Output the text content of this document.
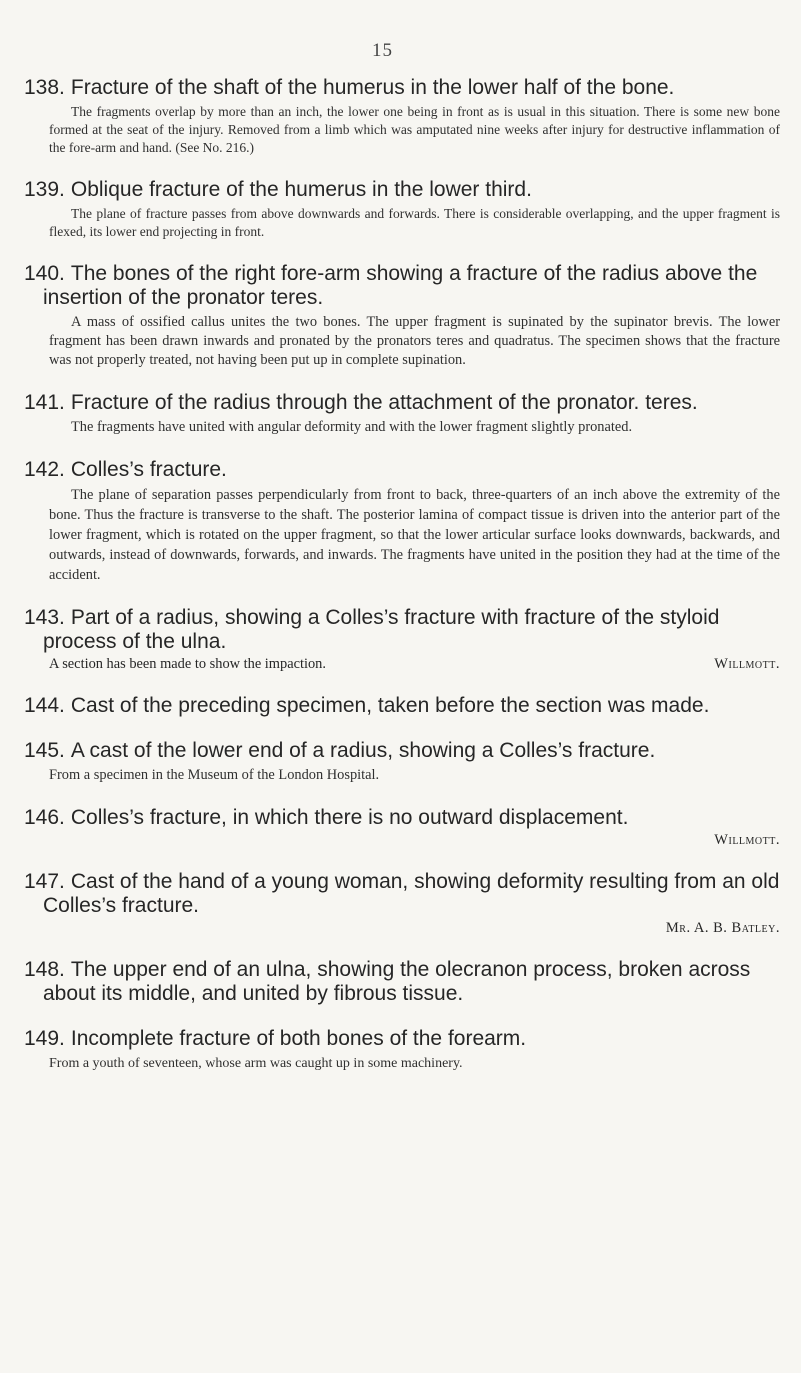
15

138. Fracture of the shaft of the humerus in the lower half of the bone.

The fragments overlap by more than an inch, the lower one being in front as is usual in this situation. There is some new bone formed at the seat of the injury. Removed from a limb which was amputated nine weeks after injury for destructive inflammation of the fore-arm and hand. (See No. 216.)

139. Oblique fracture of the humerus in the lower third.

The plane of fracture passes from above downwards and forwards. There is considerable overlapping, and the upper fragment is flexed, its lower end projecting in front.

140. The bones of the right fore-arm showing a fracture of the radius above the insertion of the pronator teres.

A mass of ossified callus unites the two bones. The upper fragment is supinated by the supinator brevis. The lower fragment has been drawn inwards and pronated by the pronators teres and quadratus. The specimen shows that the fracture was not properly treated, not having been put up in complete supination.

141. Fracture of the radius through the attachment of the pronator. teres.

The fragments have united with angular deformity and with the lower fragment slightly pronated.

142. Colles’s fracture.

The plane of separation passes perpendicularly from front to back, three-quarters of an inch above the extremity of the bone. Thus the fracture is transverse to the shaft. The posterior lamina of compact tissue is driven into the anterior part of the lower fragment, which is rotated on the upper fragment, so that the lower articular surface looks downwards, backwards, and outwards, instead of downwards, forwards, and inwards. The fragments have united in the position they had at the time of the accident.

143. Part of a radius, showing a Colles’s fracture with fracture of the styloid process of the ulna.

A section has been made to show the impaction.	Willmott.

144. Cast of the preceding specimen, taken before the section was made.

145. A cast of the lower end of a radius, showing a Colles’s fracture.

From a specimen in the Museum of the London Hospital.

146. Colles’s fracture, in which there is no outward displacement.

Willmott.

147. Cast of the hand of a young woman, showing deformity resulting from an old Colles’s fracture.

Mr. A. B. Batley.

148. The upper end of an ulna, showing the olecranon process, broken across about its middle, and united by fibrous tissue.

149. Incomplete fracture of both bones of the forearm.

From a youth of seventeen, whose arm was caught up in some machinery.
